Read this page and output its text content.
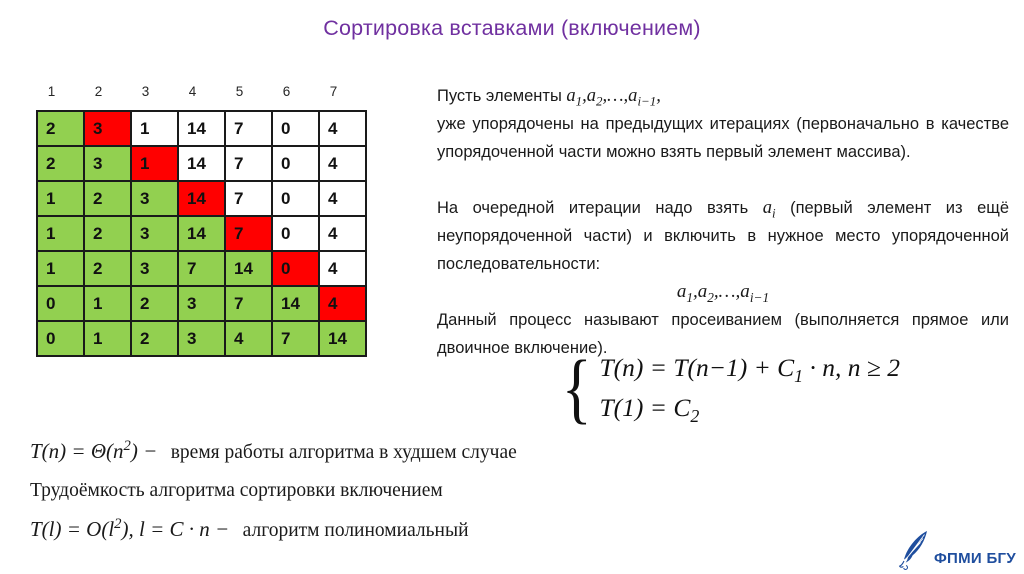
Сортировка вставками (включением)
1	2	3	4	5	6	7
2	3	1	14	7	0	4
2	3	1	14	7	0	4
1	2	3	14	7	0	4
1	2	3	14	7	0	4
1	2	3	7	14	0	4
0	1	2	3	7	14	4
0	1	2	3	4	7	14

Пусть элементы $a_1,a_2,\dots,a_{i-1}$,
уже упорядочены на предыдущих итерациях (первоначально в качестве упорядоченной части можно взять первый элемент массива).

На очередной итерации надо взять $a_i$ (первый элемент из ещё неупорядоченной части) и включить в нужное место упорядоченной последовательности:

$a_1,a_2,\dots,a_{i-1}$

Данный процесс называют просеиванием (выполняется прямое или двоичное включение).

{ $T(n) = T(n-1) + C_1 \cdot n$, n ≥ 2
$T(1) = C_2$
$T(n) = \Theta(n^2)$ − время работы алгоритма в худшем случае
Трудоёмкость алгоритма сортировки включением
$T(l) = O(l^2)$, l = C · n − алгоритм полиномиальный
ФПМИ БГУ
